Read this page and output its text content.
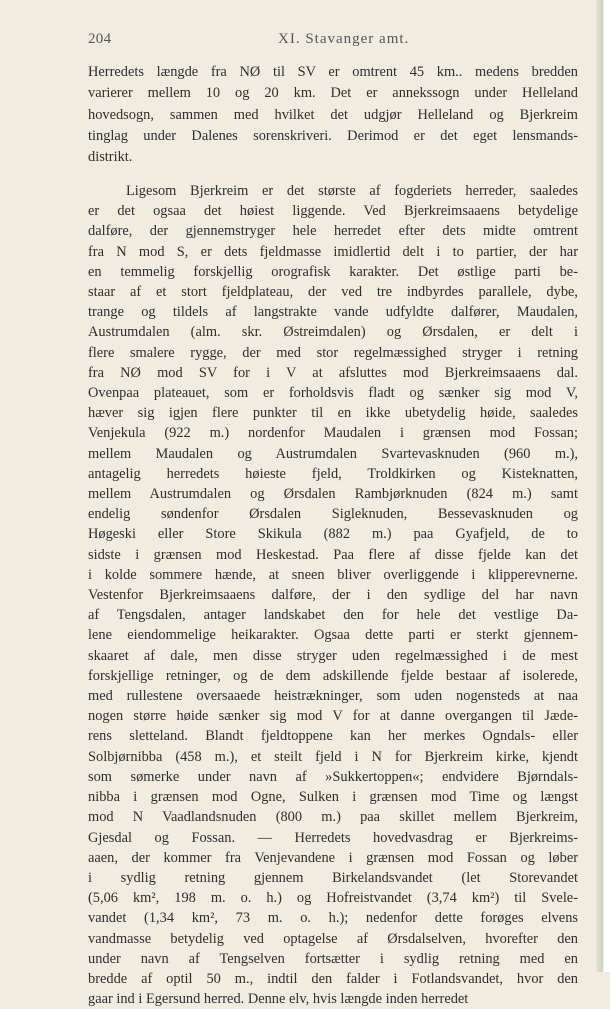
204	XI. Stavanger amt.
Herredets længde fra NØ til SV er omtrent 45 km.. medens bredden
varierer mellem 10 og 20 km. Det er annekssogn under Helleland
hovedsogn, sammen med hvilket det udgjør Helleland og Bjerkreim
tinglag under Dalenes sorenskriveri. Derimod er det eget lensmands-
distrikt.
Ligesom Bjerkreim er det største af fogderiets herreder, saaledes
er det ogsaa det høiest liggende. Ved Bjerkreimsaaens betydelige
dalføre, der gjennemstryger hele herredet efter dets midte omtrent
fra N mod S, er dets fjeldmasse imidlertid delt i to partier, der har
en temmelig forskjellig orografisk karakter. Det østlige parti be-
staar af et stort fjeldplateau, der ved tre indbyrdes parallele, dybe,
trange og tildels af langstrakte vande udfyldte dalfører, Maudalen,
Austrumdalen (alm. skr. Østreimdalen) og Ørsdalen, er delt i
flere smalere rygge, der med stor regelmæssighed stryger i retning
fra NØ mod SV for i V at afsluttes mod Bjerkreimsaaens dal.
Ovenpaa plateauet, som er forholdsvis fladt og sænker sig mod V,
hæver sig igjen flere punkter til en ikke ubetydelig høide, saaledes
Venjekula (922 m.) nordenfor Maudalen i grænsen mod Fossan;
mellem Maudalen og Austrumdalen Svartevasknuden (960 m.),
antagelig herredets høieste fjeld, Troldkirken og Kisteknatten,
mellem Austrumdalen og Ørsdalen Rambjørknuden (824 m.) samt
endelig søndenfor Ørsdalen Sigleknuden, Bessevasknuden og
Høgeski eller Store Skikula (882 m.) paa Gyafjeld, de to
sidste i grænsen mod Heskestad. Paa flere af disse fjelde kan det
i kolde sommere hænde, at sneen bliver overliggende i klipperevnerne.
Vestenfor Bjerkreimsaaens dalføre, der i den sydlige del har navn
af Tengsdalen, antager landskabet den for hele det vestlige Da-
lene eiendommelige heikarakter. Ogsaa dette parti er sterkt gjennem-
skaaret af dale, men disse stryger uden regelmæssighed i de mest
forskjellige retninger, og de dem adskillende fjelde bestaar af isolerede,
med rullestene oversaaede heistrækninger, som uden nogensteds at naa
nogen større høide sænker sig mod V for at danne overgangen til Jæde-
rens sletteland. Blandt fjeldtoppene kan her merkes Ogndals- eller
Solbjørnibba (458 m.), et steilt fjeld i N for Bjerkreim kirke, kjendt
som sømerke under navn af »Sukkertoppen«; endvidere Bjørndals-
nibba i grænsen mod Ogne, Sulken i grænsen mod Time og længst
mod N Vaadlandsnuden (800 m.) paa skillet mellem Bjerkreim,
Gjesdal og Fossan. — Herredets hovedvasdrag er Bjerkreims-
aaen, der kommer fra Venjevandene i grænsen mod Fossan og løber
i sydlig retning gjennem Birkelandsvandet (let Storevandet
(5,06 km², 198 m. o. h.) og Hofreistvandet (3,74 km²) til Svele-
vandet (1,34 km², 73 m. o. h.); nedenfor dette forøges elvens
vandmasse betydelig ved optagelse af Ørsdalselven, hvorefter den
under navn af Tengselven fortsætter i sydlig retning med en
bredde af optil 50 m., indtil den falder i Fotlandsvandet, hvor den
gaar ind i Egersund herred. Denne elv, hvis længde inden herredet
